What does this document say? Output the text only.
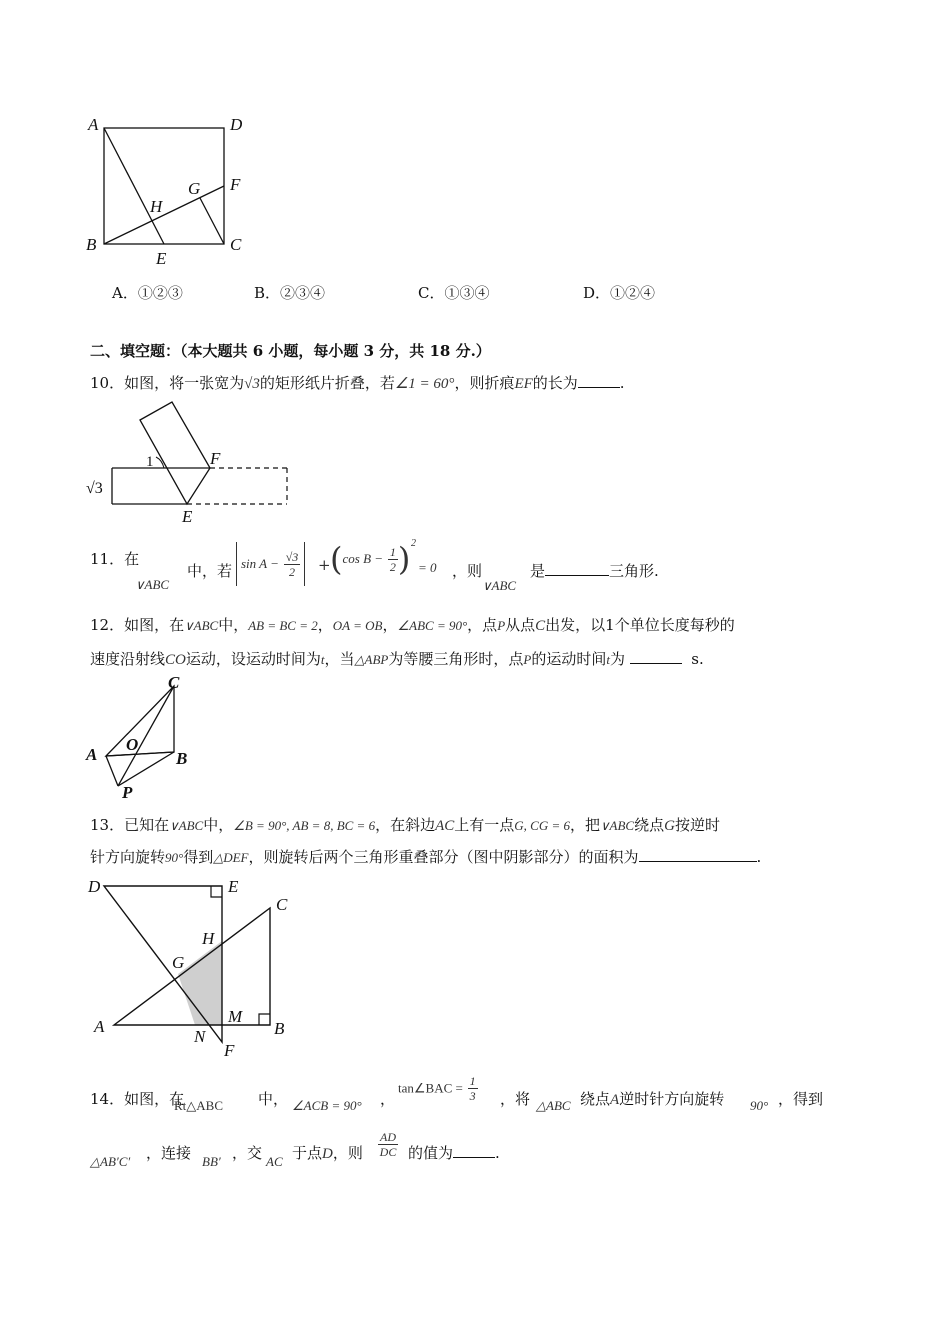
A	D
F
G
H
B	C
E
A．①②③	B．②③④	C．①③④	D．①②④
二、填空题：（本大题共 6 小题，每小题 3 分，共 18 分.）
10．如图，将一张宽为√3的矩形纸片折叠，若∠1 = 60°，则折痕EF的长为	.
1	F
E
√3
11．在
∨ABC
中，若 $\sin A - \frac{√3}{2} + (\cos$ $B - \frac{1}{2}$ ) 2
= 0 ，则
∨ABC
是	三角形.
12．如图，在∨ABC中，AB = BC = 2，OA = OB，∠ABC = 90°，点P从点C出发，以1个单位长度每秒的
速度沿射线CO运动，设运动时间为t，当△ABP为等腰三角形时，点P的运动时间t为	s.
C
A
O
B
P
13．已知在∨ABC中，∠B = 90°, AB = 8, BC = 6，在斜边AC上有一点G, CG = 6，把∨ABC绕点G按逆时
针方向旋转90°得到△DEF，则旋转后两个三角形重叠部分（图中阴影部分）的面积为	.
D	E
C
H
G
A
M
B
N
F
14．如图，在
Rt△ABC 中， ∠ACB = 90° ，
tan∠BAC = $\frac{1}{3}$ ，将 △ABC 绕点A逆时针方向旋转 90° ，得到
△AB′C′ ，连接 BB′ ，交 AC 于点D，则 $\frac{AD}{DC}$ 的值为	.
